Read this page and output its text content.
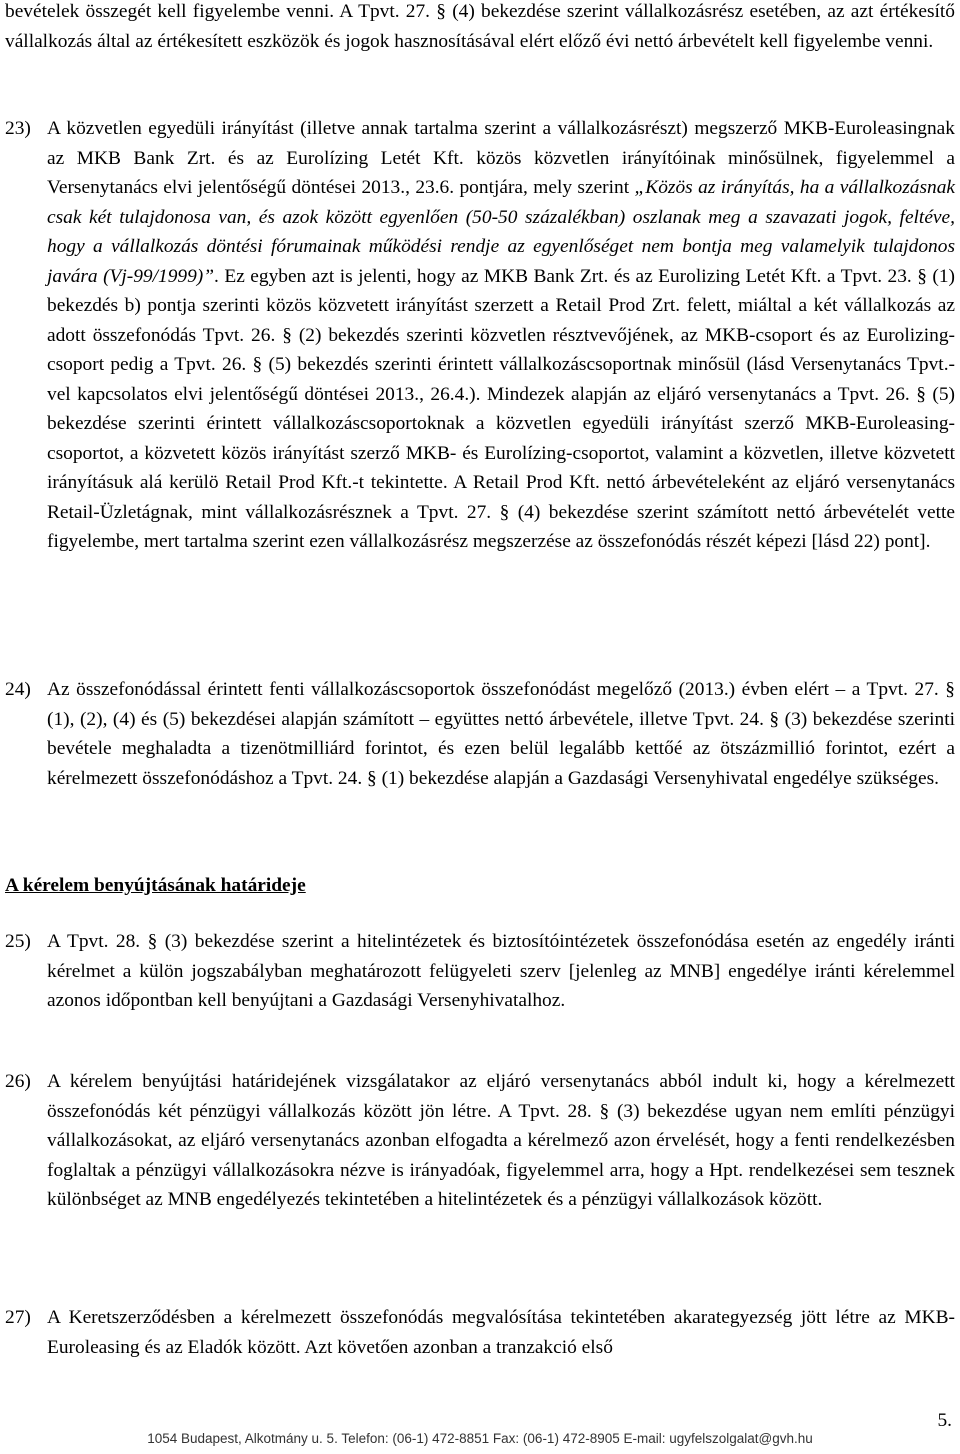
bevételek összegét kell figyelembe venni. A Tpvt. 27. § (4) bekezdése szerint vállalkozásrész esetében, az azt értékesítő vállalkozás által az értékesített eszközök és jogok hasznosításával elért előző évi nettó árbevételt kell figyelembe venni.

23) A közvetlen egyedüli irányítást (illetve annak tartalma szerint a vállalkozásrészt) megszerző MKB-Euroleasingnak az MKB Bank Zrt. és az Eurolízing Letét Kft. közös közvetlen irányítóinak minősülnek, figyelemmel a Versenytanács elvi jelentőségű döntései 2013., 23.6. pontjára, mely szerint „Közös az irányítás, ha a vállalkozásnak csak két tulajdonosa van, és azok között egyenlően (50-50 százalékban) oszlanak meg a szavazati jogok, feltéve, hogy a vállalkozás döntési fórumainak működési rendje az egyenlőséget nem bontja meg valamelyik tulajdonos javára (Vj-99/1999)”. Ez egyben azt is jelenti, hogy az MKB Bank Zrt. és az Eurolizing Letét Kft. a Tpvt. 23. § (1) bekezdés b) pontja szerinti közös közvetett irányítást szerzett a Retail Prod Zrt. felett, miáltal a két vállalkozás az adott összefonódás Tpvt. 26. § (2) bekezdés szerinti közvetlen résztvevőjének, az MKB-csoport és az Eurolizing-csoport pedig a Tpvt. 26. § (5) bekezdés szerinti érintett vállalkozáscsoportnak minősül (lásd Versenytanács Tpvt.-vel kapcsolatos elvi jelentőségű döntései 2013., 26.4.). Mindezek alapján az eljáró versenytanács a Tpvt. 26. § (5) bekezdése szerinti érintett vállalkozáscsoportoknak a közvetlen egyedüli irányítást szerző MKB-Euroleasing-csoportot, a közvetett közös irányítást szerző MKB- és Eurolízing-csoportot, valamint a közvetlen, illetve közvetett irányításuk alá kerülö Retail Prod Kft.-t tekintette. A Retail Prod Kft. nettó árbevételeként az eljáró versenytanács Retail-Üzletágnak, mint vállalkozásrésznek a Tpvt. 27. § (4) bekezdése szerint számított nettó árbevételét vette figyelembe, mert tartalma szerint ezen vállalkozásrész megszerzése az összefonódás részét képezi [lásd 22) pont].
24) Az összefonódással érintett fenti vállalkozáscsoportok összefonódást megelőző (2013.) évben elért – a Tpvt. 27. § (1), (2), (4) és (5) bekezdései alapján számított – együttes nettó árbevétele, illetve Tpvt. 24. § (3) bekezdése szerinti bevétele meghaladta a tizenötmilliárd forintot, és ezen belül legalább kettőé az ötszázmillió forintot, ezért a kérelmezett összefonódáshoz a Tpvt. 24. § (1) bekezdése alapján a Gazdasági Versenyhivatal engedélye szükséges.
A kérelem benyújtásának határideje
25) A Tpvt. 28. § (3) bekezdése szerint a hitelintézetek és biztosítóintézetek összefonódása esetén az engedély iránti kérelmet a külön jogszabályban meghatározott felügyeleti szerv [jelenleg az MNB] engedélye iránti kérelemmel azonos időpontban kell benyújtani a Gazdasági Versenyhivatalhoz.
26) A kérelem benyújtási határidejének vizsgálatakor az eljáró versenytanács abból indult ki, hogy a kérelmezett összefonódás két pénzügyi vállalkozás között jön létre. A Tpvt. 28. § (3) bekezdése ugyan nem említi pénzügyi vállalkozásokat, az eljáró versenytanács azonban elfogadta a kérelmező azon érvelését, hogy a fenti rendelkezésben foglaltak a pénzügyi vállalkozásokra nézve is irányadóak, figyelemmel arra, hogy a Hpt. rendelkezései sem tesznek különbséget az MNB engedélyezés tekintetében a hitelintézetek és a pénzügyi vállalkozások között.
27) A Keretszerződésben a kérelmezett összefonódás megvalósítása tekintetében akarategyezség jött létre az MKB-Euroleasing és az Eladók között. Azt követően azonban a tranzakció első
5.
1054 Budapest, Alkotmány u. 5. Telefon: (06-1) 472-8851 Fax: (06-1) 472-8905 E-mail: ugyfelszolgalat@gvh.hu
